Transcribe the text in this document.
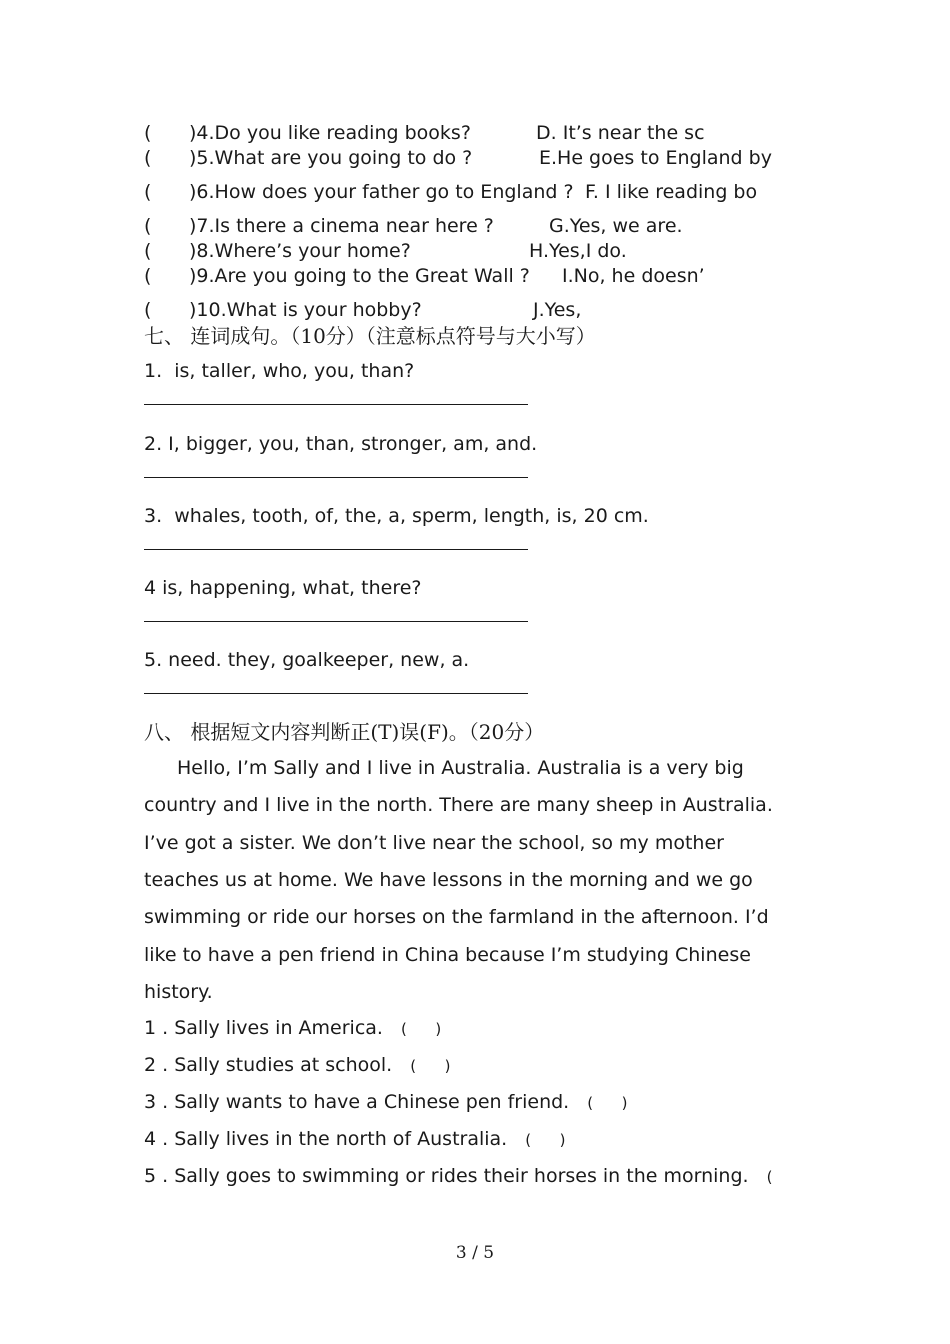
( )4.Do you like reading books?	D. It’s near the sc
( )5.What are you going to do ?	E.He goes to England by
( )6.How does your father go to England ? F. I like reading bo
( )7.Is there a cinema near here ?	G.Yes, we are.
( )8.Where’s your home?	H.Yes,I do.
( )9.Are you going to the Great Wall ? I.No, he doesn’
( )10.What is your hobby?	J.Yes,
七、 连词成句。（10分）（注意标点符号与大小写）
1.  is, taller, who, you, than?
2. I, bigger, you, than, stronger, am, and.
3.  whales, tooth, of, the, a, sperm, length, is, 20 cm.
4 is, happening, what, there?
5. need. they, goalkeeper, new, a.
八、 根据短文内容判断正(T)误(F)。（20分）
Hello, I’m Sally and I live in Australia. Australia is a very big
country and I live in the north. There are many sheep in Australia.
I’ve got a sister. We don’t live near the school, so my mother
teaches us at home. We have lessons in the morning and we go
swimming or ride our horses on the farmland in the afternoon. I’d
like to have a pen friend in China because I’m studying Chinese
history.
1 . Sally lives in America. (      )
2 . Sally studies at school. (      )
3 . Sally wants to have a Chinese pen friend. (      )
4 . Sally lives in the north of Australia. (      )
5 . Sally goes to swimming or rides their horses in the morning. (
3 / 5
